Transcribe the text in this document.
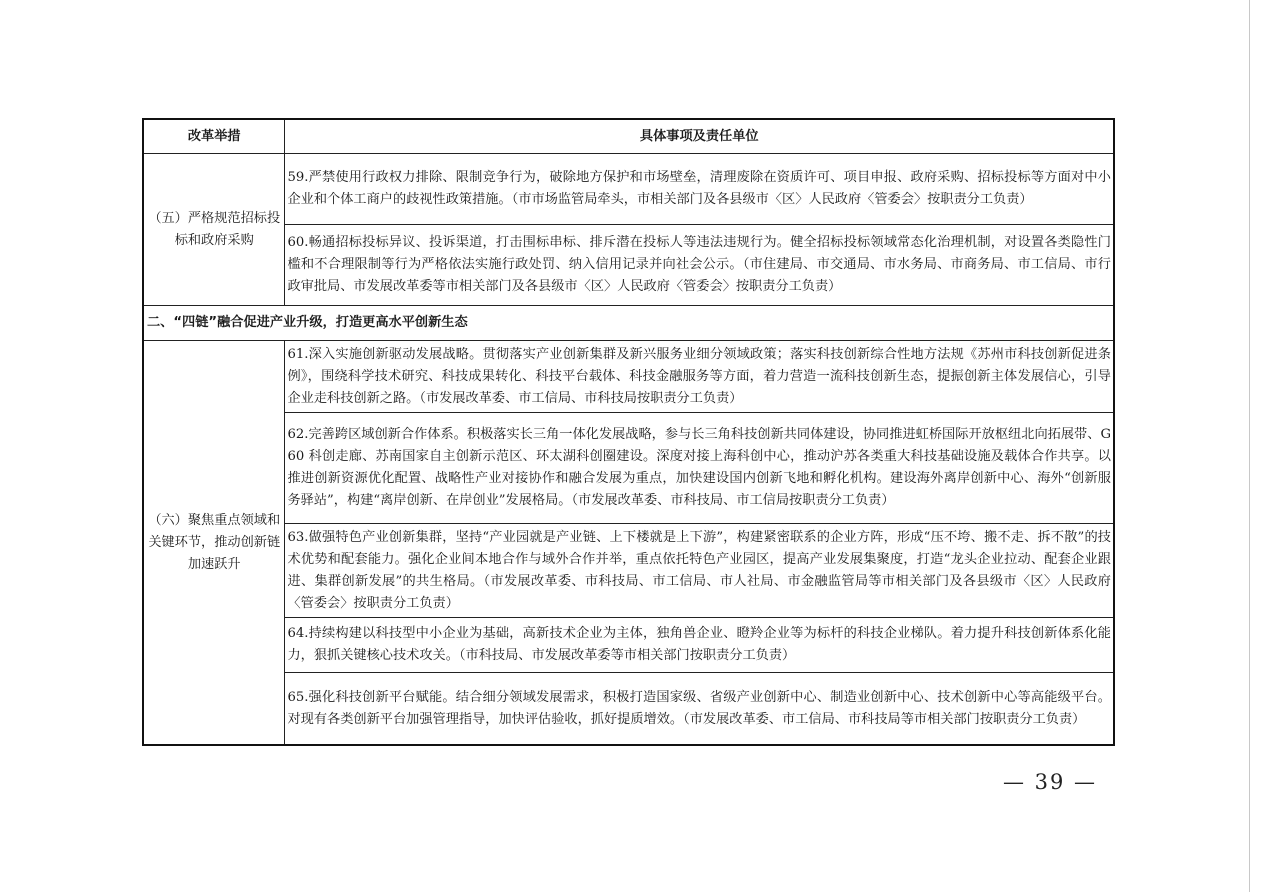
改革举措	具体事项及责任单位
（五）严格规范招标投标和政府采购	59.严禁使用行政权力排除、限制竞争行为，破除地方保护和市场壁垒，清理废除在资质许可、项目申报、政府采购、招标投标等方面对中小企业和个体工商户的歧视性政策措施。（市市场监管局牵头，市相关部门及各县级市〈区〉人民政府〈管委会〉按职责分工负责）
	60.畅通招标投标异议、投诉渠道，打击围标串标、排斥潜在投标人等违法违规行为。健全招标投标领域常态化治理机制，对设置各类隐性门槛和不合理限制等行为严格依法实施行政处罚、纳入信用记录并向社会公示。（市住建局、市交通局、市水务局、市商务局、市工信局、市行政审批局、市发展改革委等市相关部门及各县级市〈区〉人民政府〈管委会〉按职责分工负责）
二、“四链”融合促进产业升级，打造更高水平创新生态	
（六）聚焦重点领域和关键环节，推动创新链加速跃升	61.深入实施创新驱动发展战略。贯彻落实产业创新集群及新兴服务业细分领域政策；落实科技创新综合性地方法规《苏州市科技创新促进条例》，围绕科学技术研究、科技成果转化、科技平台载体、科技金融服务等方面，着力营造一流科技创新生态，提振创新主体发展信心，引导企业走科技创新之路。（市发展改革委、市工信局、市科技局按职责分工负责）
	62.完善跨区域创新合作体系。积极落实长三角一体化发展战略，参与长三角科技创新共同体建设，协同推进虹桥国际开放枢纽北向拓展带、G60 科创走廊、苏南国家自主创新示范区、环太湖科创圈建设。深度对接上海科创中心，推动沪苏各类重大科技基础设施及载体合作共享。以推进创新资源优化配置、战略性产业对接协作和融合发展为重点，加快建设国内创新飞地和孵化机构。建设海外离岸创新中心、海外“创新服务驿站”，构建“离岸创新、在岸创业”发展格局。（市发展改革委、市科技局、市工信局按职责分工负责）
	63.做强特色产业创新集群，坚持“产业园就是产业链、上下楼就是上下游”，构建紧密联系的企业方阵，形成“压不垮、搬不走、拆不散”的技术优势和配套能力。强化企业间本地合作与域外合作并举，重点依托特色产业园区，提高产业发展集聚度，打造“龙头企业拉动、配套企业跟进、集群创新发展”的共生格局。（市发展改革委、市科技局、市工信局、市人社局、市金融监管局等市相关部门及各县级市〈区〉人民政府〈管委会〉按职责分工负责）
	64.持续构建以科技型中小企业为基础，高新技术企业为主体，独角兽企业、瞪羚企业等为标杆的科技企业梯队。着力提升科技创新体系化能力，狠抓关键核心技术攻关。（市科技局、市发展改革委等市相关部门按职责分工负责）
	65.强化科技创新平台赋能。结合细分领域发展需求，积极打造国家级、省级产业创新中心、制造业创新中心、技术创新中心等高能级平台。对现有各类创新平台加强管理指导，加快评估验收，抓好提质增效。（市发展改革委、市工信局、市科技局等市相关部门按职责分工负责）
— 39 —
